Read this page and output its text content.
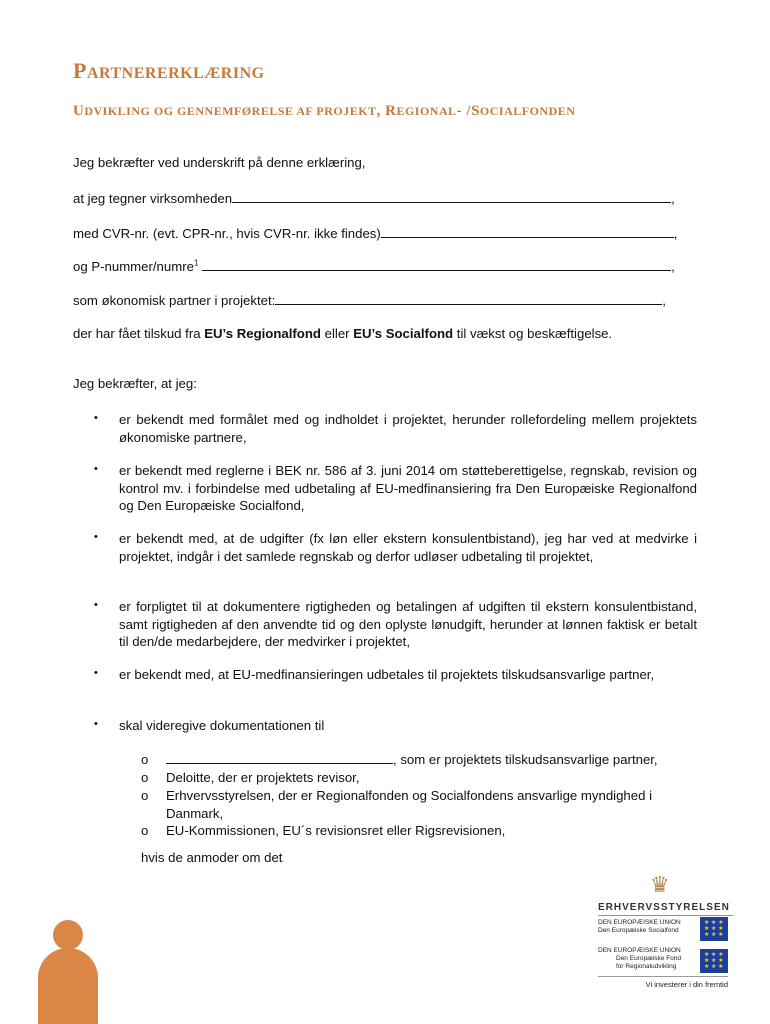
PARTNERERKLÆRING
UDVIKLING OG GENNEMFØRELSE AF PROJEKT, REGIONAL- /SOCIALFONDEN
Jeg bekræfter ved underskrift på denne erklæring,
at jeg tegner virksomheden	,
med CVR-nr. (evt. CPR-nr., hvis CVR-nr. ikke findes)	,
og P-nummer/numre$^1$	,
som økonomisk partner i projektet:	,
der har fået tilskud fra EU’s Regionalfond eller EU’s Socialfond til vækst og beskæftigelse.
Jeg bekræfter, at jeg:
• er bekendt med formålet med og indholdet i projektet, herunder rollefordeling mellem projektets økonomiske partnere,
• er bekendt med reglerne i BEK nr. 586 af 3. juni 2014 om støtteberettigelse, regnskab, revision og kontrol mv. i forbindelse med udbetaling af EU-medfinansiering fra Den Europæiske Regionalfond og Den Europæiske Socialfond,
• er bekendt med, at de udgifter (fx løn eller ekstern konsulentbistand), jeg har ved at medvirke i projektet, indgår i det samlede regnskab og derfor udløser udbetaling til projektet,
• er forpligtet til at dokumentere rigtigheden og betalingen af udgiften til ekstern konsulentbistand, samt rigtigheden af den anvendte tid og den oplyste lønudgift, herunder at lønnen faktisk er betalt til den/de medarbejdere, der medvirker i projektet,
• er bekendt med, at EU-medfinansieringen udbetales til projektets tilskudsansvarlige partner,
• skal videregive dokumentationen til
o	, som er projektets tilskudsansvarlige partner,
o Deloitte, der er projektets revisor,
o Erhvervsstyrelsen, der er Regionalfonden og Socialfondens ansvarlige myndighed i Danmark,
o EU-Kommissionen, EU´s revisionsret eller Rigsrevisionen,
hvis de anmoder om det
♛
ERHVERVSSTYRELSEN
DEN EUROPÆISKE UNION
Den Europæiske Socialfond
★ ★ ★
★ ★ ★
★ ★ ★
DEN EUROPÆISKE UNION
Den Europæiske Fond
for Regionaludvikling
★ ★ ★
★ ★ ★
★ ★ ★
Vi investerer i din fremtid
